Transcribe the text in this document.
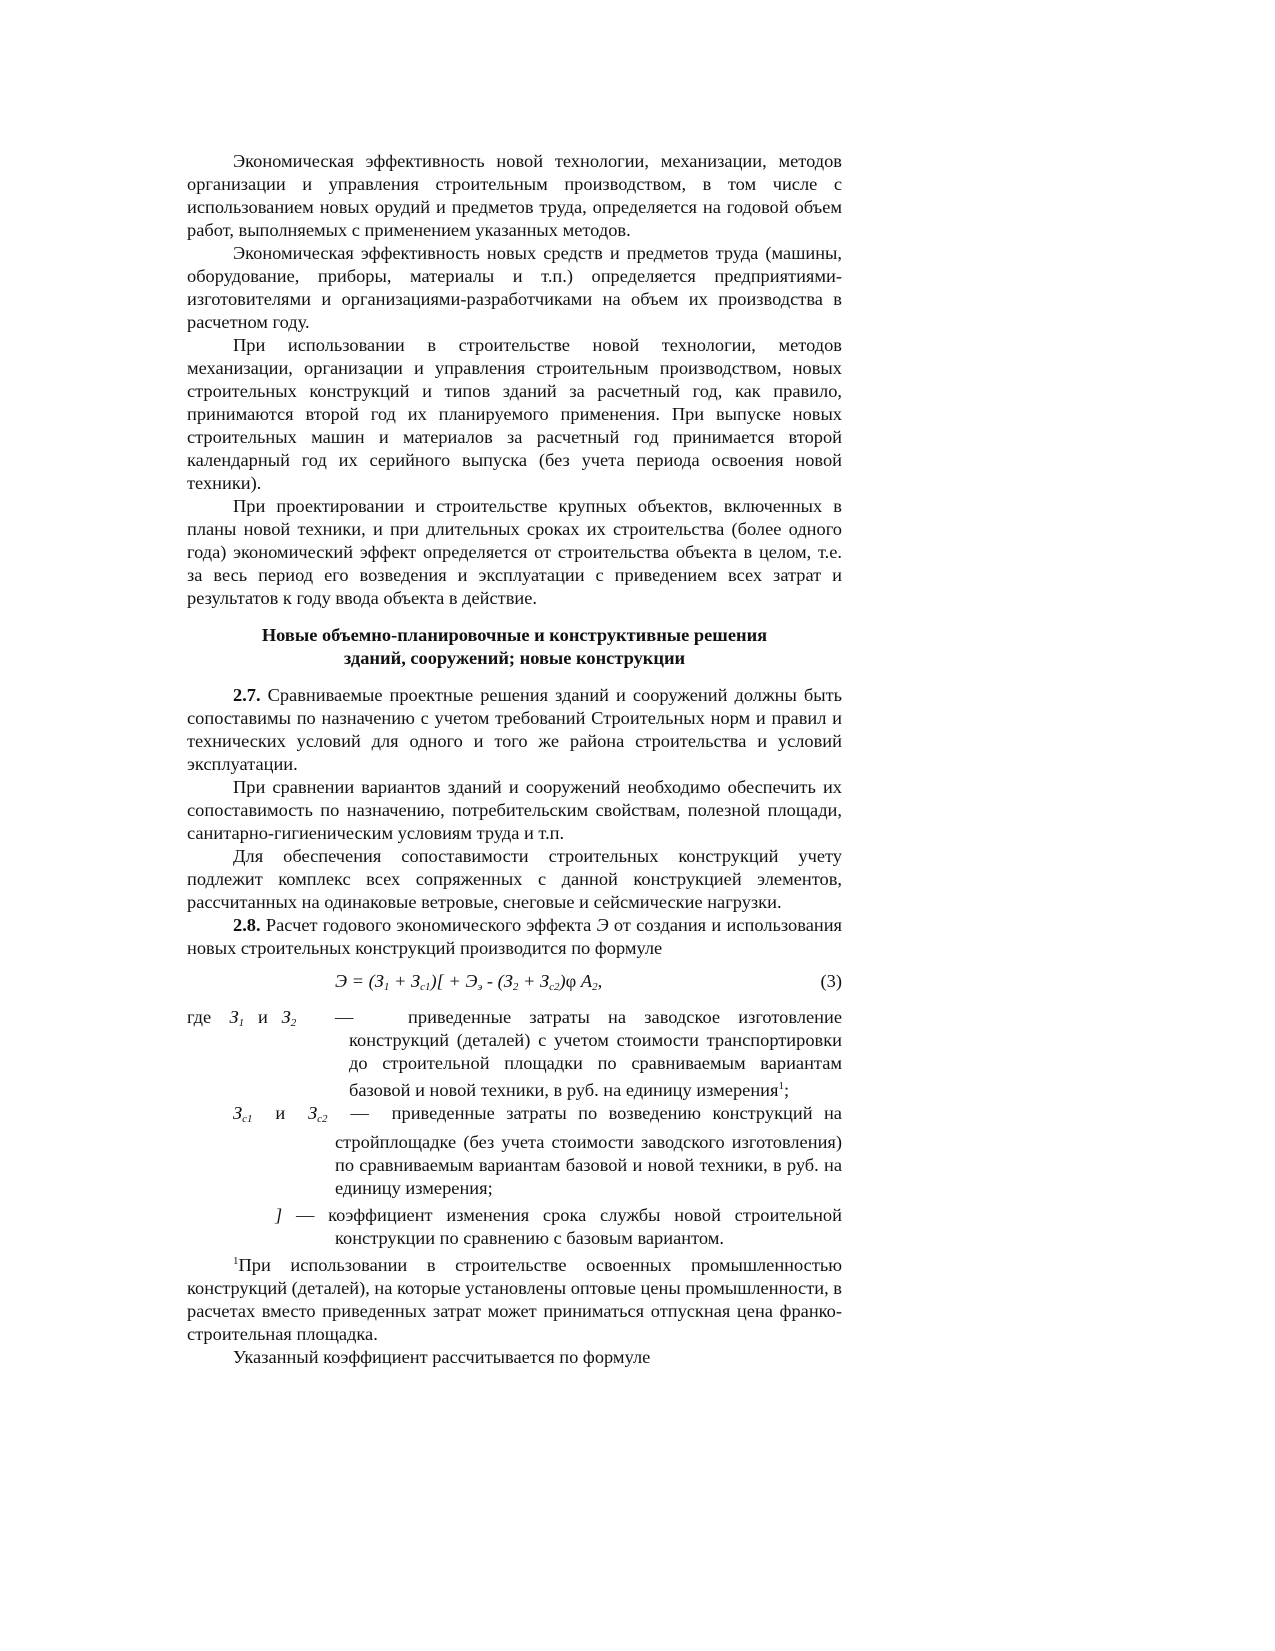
Экономическая эффективность новой технологии, механизации, методов организации и управления строительным производством, в том числе с использованием новых орудий и предметов труда, определяется на годовой объем работ, выполняемых с применением указанных методов.

Экономическая эффективность новых средств и предметов труда (машины, оборудование, приборы, материалы и т.п.) определяется предприятиями-изготовителями и организациями-разработчиками на объем их производства в расчетном году.

При использовании в строительстве новой технологии, методов механизации, организации и управления строительным производством, новых строительных конструкций и типов зданий за расчетный год, как правило, принимаются второй год их планируемого применения. При выпуске новых строительных машин и материалов за расчетный год принимается второй календарный год их серийного выпуска (без учета периода освоения новой техники).

При проектировании и строительстве крупных объектов, включенных в планы новой техники, и при длительных сроках их строительства (более одного года) экономический эффект определяется от строительства объекта в целом, т.е. за весь период его возведения и эксплуатации с приведением всех затрат и результатов к году ввода объекта в действие.

Новые объемно-планировочные и конструктивные решения
зданий, сооружений; новые конструкции

2.7. Сравниваемые проектные решения зданий и сооружений должны быть сопоставимы по назначению с учетом требований Строительных норм и правил и технических условий для одного и того же района строительства и условий эксплуатации.

При сравнении вариантов зданий и сооружений необходимо обеспечить их сопоставимость по назначению, потребительским свойствам, полезной площади, санитарно-гигиеническим условиям труда и т.п.

Для обеспечения сопоставимости строительных конструкций учету подлежит комплекс всех сопряженных с данной конструкцией элементов, рассчитанных на одинаковые ветровые, снеговые и сейсмические нагрузки.

2.8. Расчет годового экономического эффекта Э от создания и использования новых строительных конструкций производится по формуле

$Э = (З_1 + З_{с1})[ + Э_э - (З_2 + З_{с2})\varphi$ $А_2$,	(3)
где $З_1$ и $З_2$ —	приведенные затраты на заводское изготовление конструкций (деталей) с учетом стоимости транспортировки до строительной площадки по сравниваемым вариантам базовой и новой техники, в руб. на единицу измерения$^1$;
$З_{с1}$ и $З_{с2}$ — приведенные затраты по возведению конструкций на стройплощадке (без учета стоимости заводского изготовления) по сравниваемым вариантам базовой и новой техники, в руб. на единицу измерения;
] — коэффициент изменения срока службы новой строительной конструкции по сравнению с базовым вариантом.

$^1$При использовании в строительстве освоенных промышленностью конструкций (деталей), на которые установлены оптовые цены промышленности, в расчетах вместо приведенных затрат может приниматься отпускная цена франко-строительная площадка.

Указанный коэффициент рассчитывается по формуле
